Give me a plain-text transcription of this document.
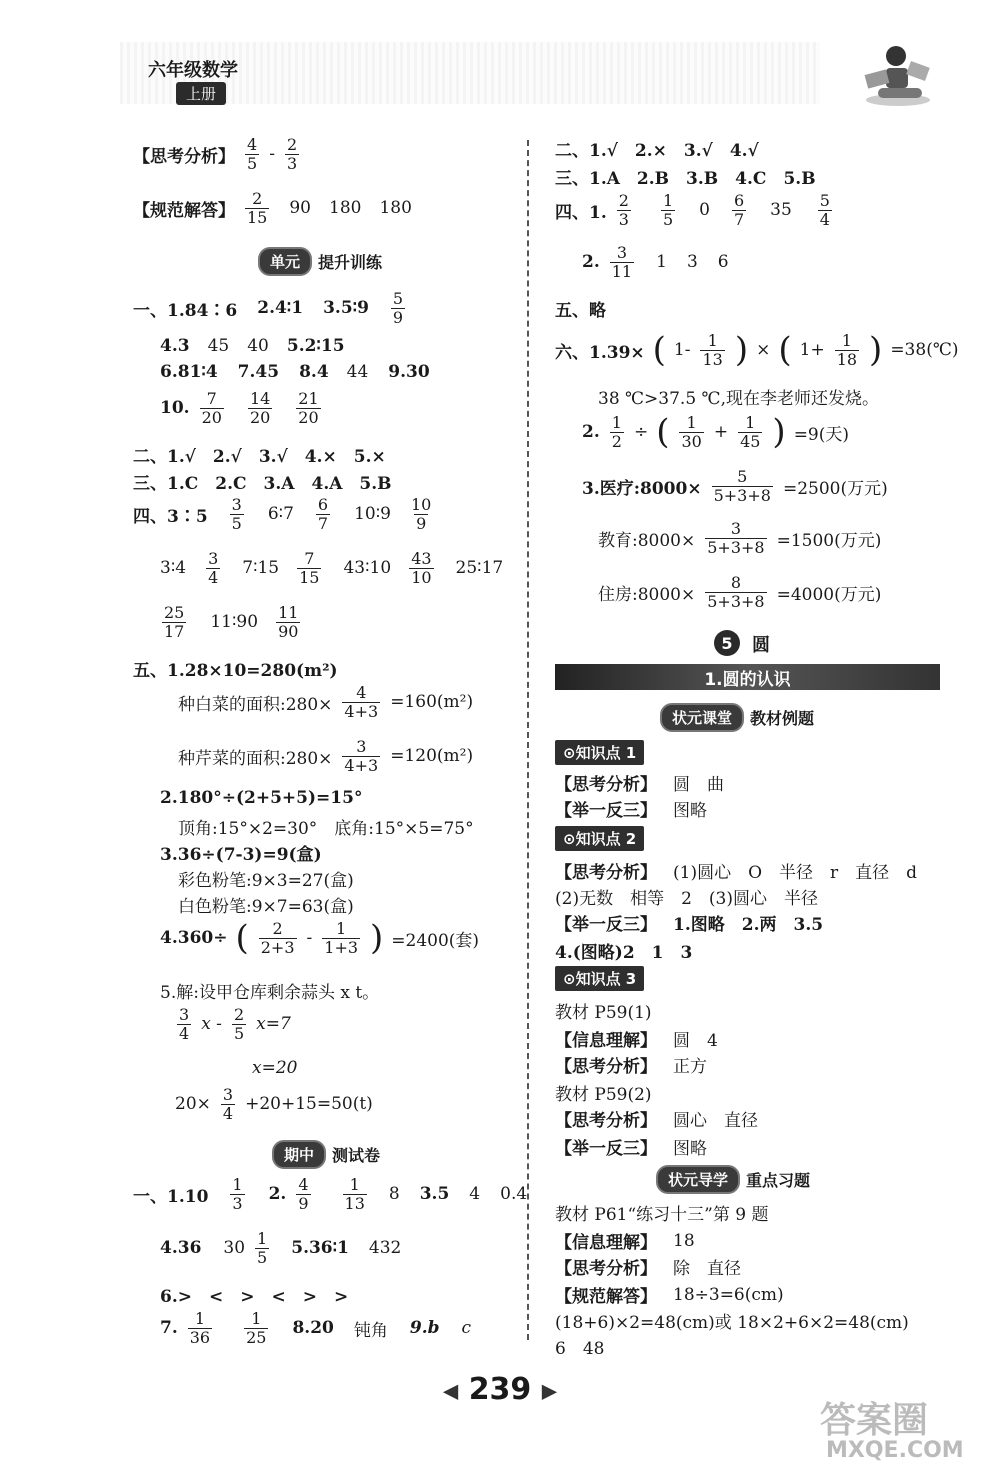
六年级数学
上册
【思考分析】 $\frac{4}{5} - \frac{2}{3}$
【规范解答】 $\frac{2}{15} 90$ 180 180
单元	提升训练
一、1.84∶6 2.4∶1 3.5∶9 $\frac{5}{9}$
4.3 45 40 5.2∶15
6.81∶4 7.45 8.4 44 9.30
10. $\frac{7}{20} \frac{14}{20} \frac{21}{20}$
二、1.√　2.√　3.√　4.×　5.×
三、1.C　2.C　3.A　4.A　5.B
四、3∶5 $\frac{3}{5}$ 6∶7 $\frac{6}{7}$ 10∶9 $\frac{10}{9}$
3∶4 $\frac{3}{4}$ 7∶15 $\frac{7}{15}$ 43∶10 $\frac{43}{10}$ 25∶17
$\frac{25}{17}$ 11∶90 $\frac{11}{90}$
五、1.28×10=280(m²)
种白菜的面积:280× $\frac{4}{4+3} =160(m^2)$
种芹菜的面积:280× $\frac{3}{4+3} =120(m^2)$
2.180°÷(2+5+5)=15°
顶角:15°×2=30°　底角:15°×5=75°
3.36÷(7-3)=9(盒)
彩色粉笔:9×3=27(盒)
白色粉笔:9×7=63(盒)
4.360÷ ( $\frac{2}{2+3} - \frac{1}{1+3}$ ) =2400(套)
5.解:设甲仓库剩余蒜头 x t。
$\frac{3}{4}$ $x - \frac{2}{5} x=7$
x=20
$20\times \frac{3}{4} +20+15=50(t)$
期中	测试卷
一、$1.10 \frac{1}{3} 2$. $\frac{4}{9} \frac{1}{13} 8$ 3.5 4 0.4
4.36 $30 \frac{1}{5}$ 5.36∶1 432
6.>　<　>　<　>　>
7. $\frac{1}{36} \frac{1}{25} 8.20$ 钝角 9.b c
二、1.√　2.×　3.√　4.√
三、1.A　2.B　3.B　4.C　5.B
四、1. $\frac{2}{3} \frac{1}{5} 0 \frac{6}{7} 35 \frac{5}{4}$
2. $\frac{3}{11} 1$ 3 6
五、略
六、1.39× ( $1- \frac{1}{13}$ ) × ( $1+ \frac{1}{18}$ ) =38(℃)
38 ℃>37.5 ℃,现在李老师还发烧。
2. $\frac{1}{2}$ ÷ ( $\frac{1}{30} + \frac{1}{45}$ ) =9(天)
3.医疗:8000× $\frac{5}{5+3+8} =2500$(万元)
教育:8000× $\frac{3}{5+3+8} =1500$(万元)
住房:8000× $\frac{8}{5+3+8} =4000$(万元)
5	圆
1.圆的认识
状元课堂	教材例题
⊙知识点 1
【思考分析】 圆　曲
【举一反三】 图略
⊙知识点 2
【思考分析】 (1)圆心　O　半径　r　直径　d
(2)无数　相等　2　(3)圆心　半径
【举一反三】 1.图略　2.两　3.5
4.(图略)2　1　3
⊙知识点 3
教材 P59(1)
【信息理解】 圆　4
【思考分析】 正方
教材 P59(2)
【思考分析】 圆心　直径
【举一反三】 图略
状元导学	重点习题
教材 P61“练习十三”第 9 题
【信息理解】 18
【思考分析】 除　直径
【规范解答】 18÷3=6(cm)
(18+6)×2=48(cm)或 18×2+6×2=48(cm)
6　48
◀ 239 ▶
答案圈
MXQE.COM
